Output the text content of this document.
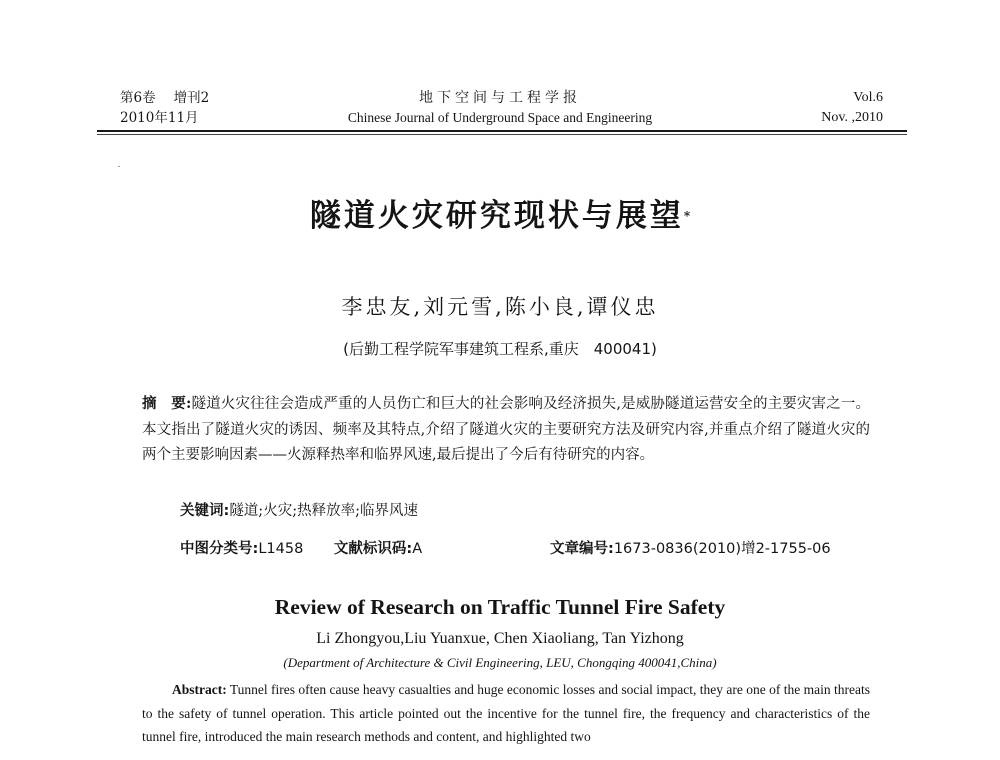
第6卷 增刊2
2010年11月
地下空间与工程学报
Chinese Journal of Underground Space and Engineering
Vol.6
Nov. ,2010
隧道火灾研究现状与展望*
李忠友,刘元雪,陈小良,谭仪忠
(后勤工程学院军事建筑工程系,重庆　400041)
摘　要:隧道火灾往往会造成严重的人员伤亡和巨大的社会影响及经济损失,是威胁隧道运营安全的主要灾害之一。本文指出了隧道火灾的诱因、频率及其特点,介绍了隧道火灾的主要研究方法及研究内容,并重点介绍了隧道火灾的两个主要影响因素——火源释热率和临界风速,最后提出了今后有待研究的内容。
关键词:隧道;火灾;热释放率;临界风速
中图分类号:L1458 文献标识码:A	文章编号:1673-0836(2010)增2-1755-06
Review of Research on Traffic Tunnel Fire Safety
Li Zhongyou,Liu Yuanxue, Chen Xiaoliang, Tan Yizhong
(Department of Architecture & Civil Engineering, LEU, Chongqing 400041,China)
Abstract: Tunnel fires often cause heavy casualties and huge economic losses and social impact, they are one of the main threats to the safety of tunnel operation. This article pointed out the incentive for the tunnel fire, the frequency and characteristics of the tunnel fire, introduced the main research methods and content, and highlighted two
